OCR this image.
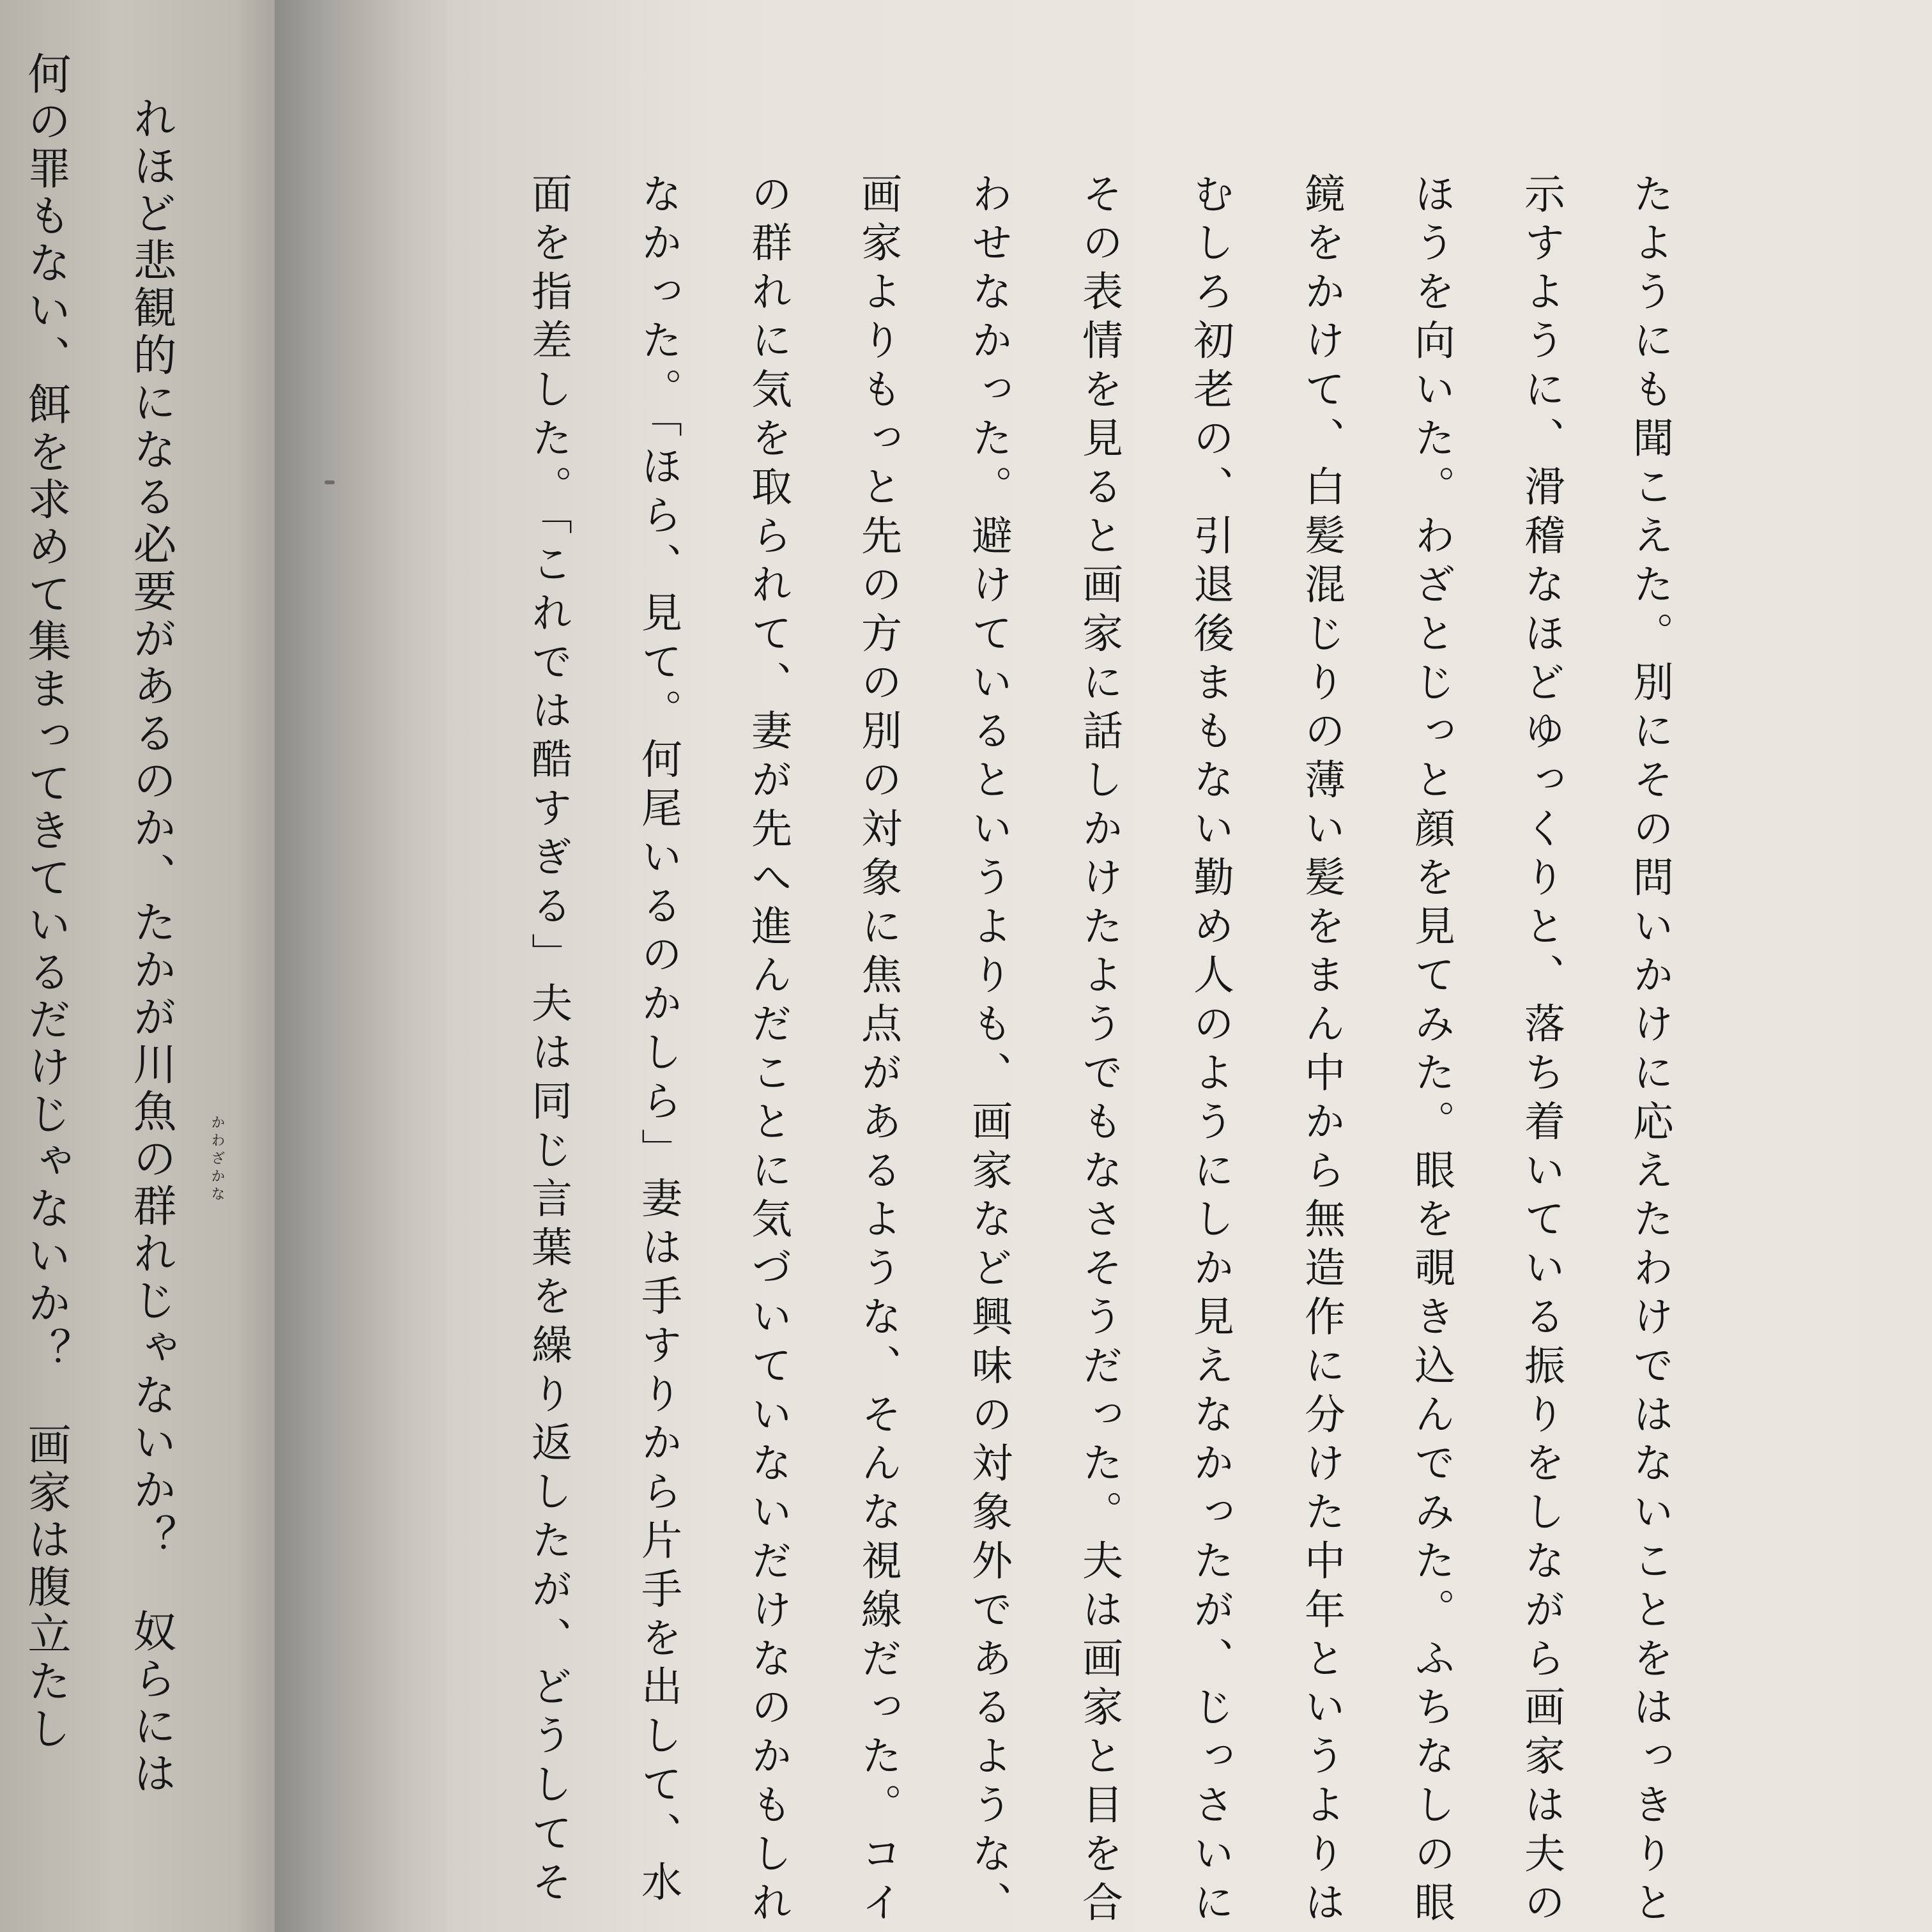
れほど悲観的になる必要があるのか、たかが川魚の群れじゃないか？　奴らには
何の罪もない、餌を求めて集まってきているだけじゃないか？　画家は腹立たし	かわざかな	たようにも聞こえた。別にその問いかけに応えたわけではないことをはっきりと
示すように、滑稽なほどゆっくりと、落ち着いている振りをしながら画家は夫の
ほうを向いた。わざとじっと顔を見てみた。眼を覗き込んでみた。ふちなしの眼
鏡をかけて、白髪混じりの薄い髪をまん中から無造作に分けた中年というよりは
むしろ初老の、引退後まもない勤め人のようにしか見えなかったが、じっさいに
その表情を見ると画家に話しかけたようでもなさそうだった。夫は画家と目を合
わせなかった。避けているというよりも、画家など興味の対象外であるような、
画家よりもっと先の方の別の対象に焦点があるような、そんな視線だった。コイ
の群れに気を取られて、妻が先へ進んだことに気づいていないだけなのかもしれ
なかった。「ほら、見て。何尾いるのかしら」妻は手すりから片手を出して、水
面を指差した。「これでは酷すぎる」夫は同じ言葉を繰り返したが、どうしてそ
